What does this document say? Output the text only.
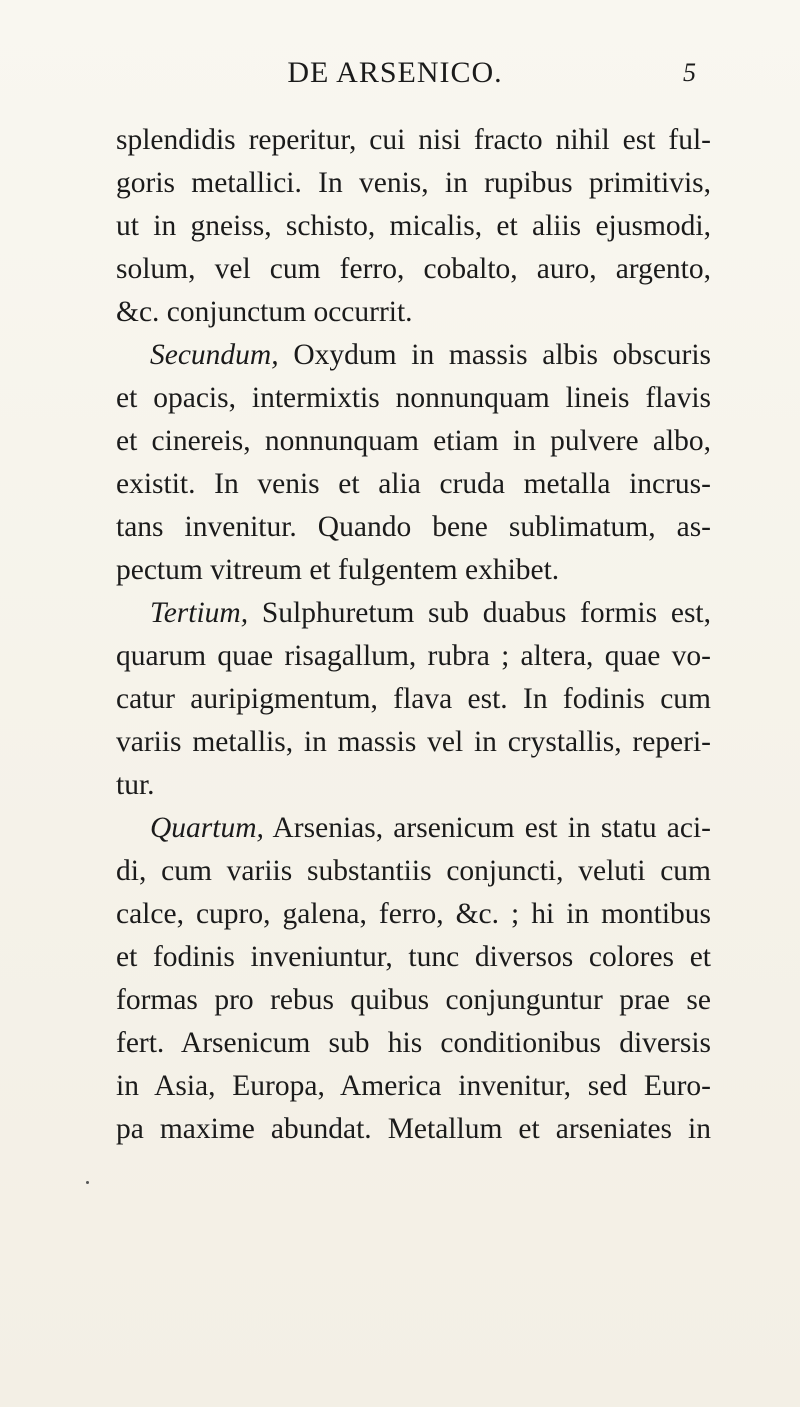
DE ARSENICO.	5
splendidis reperitur, cui nisi fracto nihil est ful-
goris metallici. In venis, in rupibus primitivis,
ut in gneiss, schisto, micalis, et aliis ejusmodi,
solum, vel cum ferro, cobalto, auro, argento,
&c. conjunctum occurrit.
Secundum, Oxydum in massis albis obscuris
et opacis, intermixtis nonnunquam lineis flavis
et cinereis, nonnunquam etiam in pulvere albo,
existit. In venis et alia cruda metalla incrus-
tans invenitur. Quando bene sublimatum, as-
pectum vitreum et fulgentem exhibet.
Tertium, Sulphuretum sub duabus formis est,
quarum quae risagallum, rubra ; altera, quae vo-
catur auripigmentum, flava est. In fodinis cum
variis metallis, in massis vel in crystallis, reperi-
tur.
Quartum, Arsenias, arsenicum est in statu aci-
di, cum variis substantiis conjuncti, veluti cum
calce, cupro, galena, ferro, &c. ; hi in montibus
et fodinis inveniuntur, tunc diversos colores et
formas pro rebus quibus conjunguntur prae se
fert. Arsenicum sub his conditionibus diversis
in Asia, Europa, America invenitur, sed Euro-
pa maxime abundat. Metallum et arseniates in
